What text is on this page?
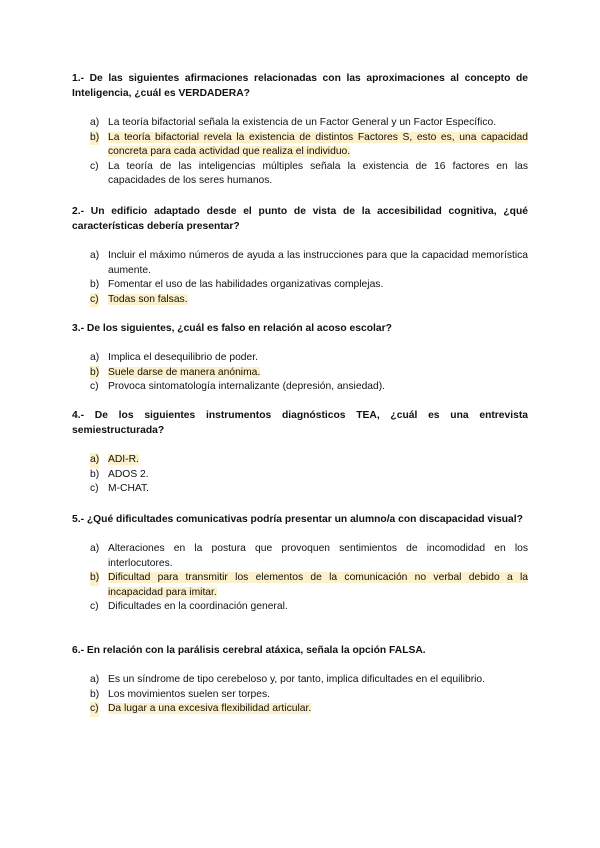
1.- De las siguientes afirmaciones relacionadas con las aproximaciones al concepto de Inteligencia, ¿cuál es VERDADERA?

a) La teoría bifactorial señala la existencia de un Factor General y un Factor Específico.
b) La teoría bifactorial revela la existencia de distintos Factores S, esto es, una capacidad concreta para cada actividad que realiza el individuo.
c) La teoría de las inteligencias múltiples señala la existencia de 16 factores en las capacidades de los seres humanos.

2.- Un edificio adaptado desde el punto de vista de la accesibilidad cognitiva, ¿qué características debería presentar?

a) Incluir el máximo números de ayuda a las instrucciones para que la capacidad memorística aumente.
b) Fomentar el uso de las habilidades organizativas complejas.
c) Todas son falsas.

3.- De los siguientes, ¿cuál es falso en relación al acoso escolar?

a) Implica el desequilibrio de poder.
b) Suele darse de manera anónima.
c) Provoca sintomatología internalizante (depresión, ansiedad).

4.- De los siguientes instrumentos diagnósticos TEA, ¿cuál es una entrevista semiestructurada?

a) ADI-R.
b) ADOS 2.
c) M-CHAT.

5.- ¿Qué dificultades comunicativas podría presentar un alumno/a con discapacidad visual?

a) Alteraciones en la postura que provoquen sentimientos de incomodidad en los interlocutores.
b) Dificultad para transmitir los elementos de la comunicación no verbal debido a la incapacidad para imitar.
c) Dificultades en la coordinación general.

6.- En relación con la parálisis cerebral atáxica, señala la opción FALSA.

a) Es un síndrome de tipo cerebeloso y, por tanto, implica dificultades en el equilibrio.
b) Los movimientos suelen ser torpes.
c) Da lugar a una excesiva flexibilidad articular.
